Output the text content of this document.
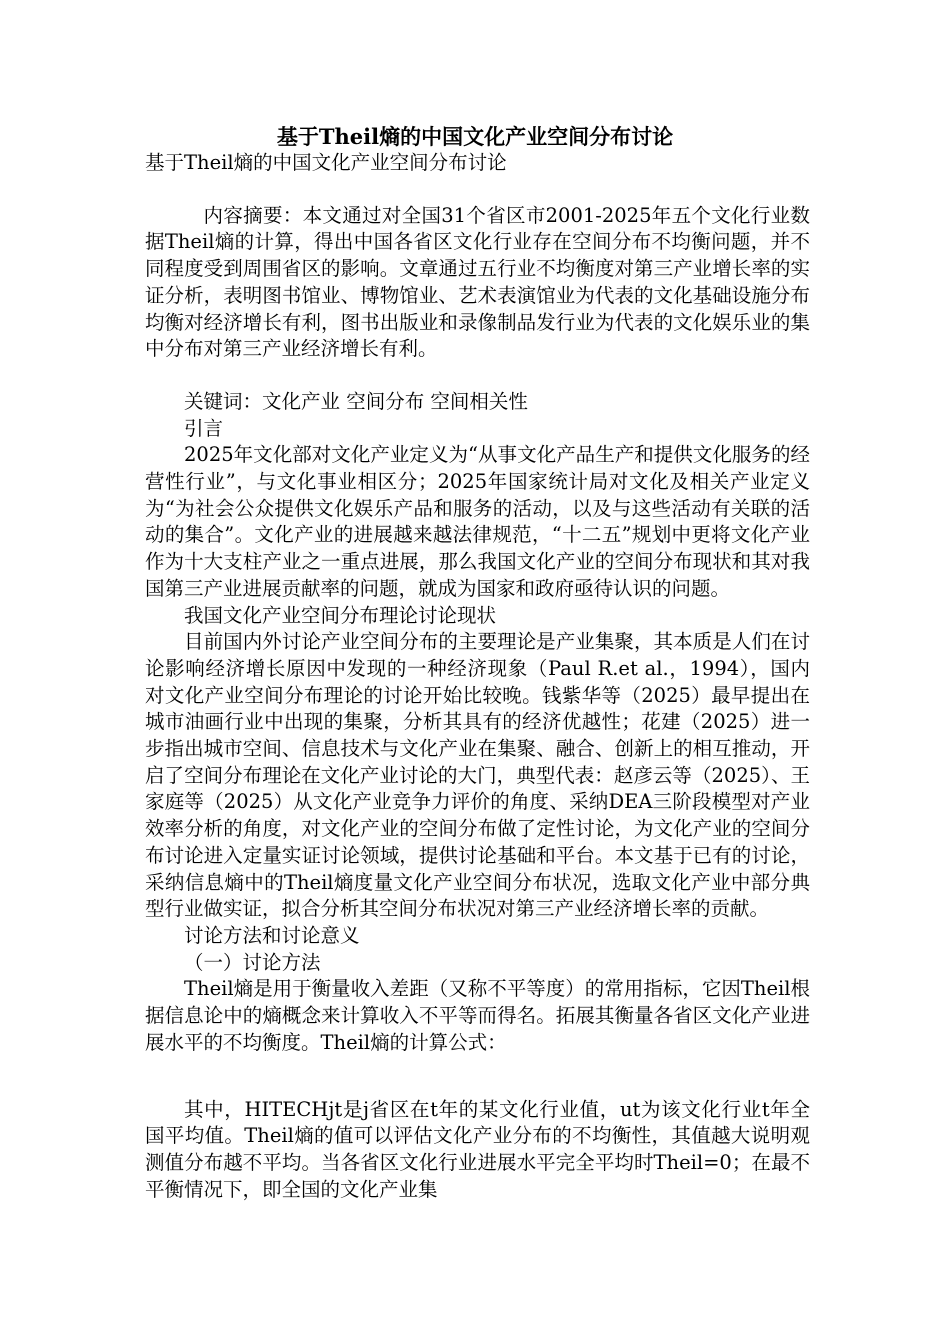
基于Theil熵的中国文化产业空间分布讨论

基于Theil熵的中国文化产业空间分布讨论

内容摘要：本文通过对全国31个省区市2001-2025年五个文化行业数据Theil熵的计算，得出中国各省区文化行业存在空间分布不均衡问题，并不同程度受到周围省区的影响。文章通过五行业不均衡度对第三产业增长率的实证分析，表明图书馆业、博物馆业、艺术表演馆业为代表的文化基础设施分布均衡对经济增长有利，图书出版业和录像制品发行业为代表的文化娱乐业的集中分布对第三产业经济增长有利。

关键词：文化产业 空间分布 空间相关性

引言

2025年文化部对文化产业定义为“从事文化产品生产和提供文化服务的经营性行业”，与文化事业相区分；2025年国家统计局对文化及相关产业定义为“为社会公众提供文化娱乐产品和服务的活动，以及与这些活动有关联的活动的集合”。文化产业的进展越来越法律规范，“十二五”规划中更将文化产业作为十大支柱产业之一重点进展，那么我国文化产业的空间分布现状和其对我国第三产业进展贡献率的问题，就成为国家和政府亟待认识的问题。

我国文化产业空间分布理论讨论现状

目前国内外讨论产业空间分布的主要理论是产业集聚，其本质是人们在讨论影响经济增长原因中发现的一种经济现象（Paul R.et al.，1994），国内对文化产业空间分布理论的讨论开始比较晚。钱紫华等（2025）最早提出在城市油画行业中出现的集聚，分析其具有的经济优越性；花建（2025）进一步指出城市空间、信息技术与文化产业在集聚、融合、创新上的相互推动，开启了空间分布理论在文化产业讨论的大门，典型代表：赵彦云等（2025）、王家庭等（2025）从文化产业竞争力评价的角度、采纳DEA三阶段模型对产业效率分析的角度，对文化产业的空间分布做了定性讨论，为文化产业的空间分布讨论进入定量实证讨论领域，提供讨论基础和平台。本文基于已有的讨论，采纳信息熵中的Theil熵度量文化产业空间分布状况，选取文化产业中部分典型行业做实证，拟合分析其空间分布状况对第三产业经济增长率的贡献。

讨论方法和讨论意义

（一）讨论方法

Theil熵是用于衡量收入差距（又称不平等度）的常用指标，它因Theil根据信息论中的熵概念来计算收入不平等而得名。拓展其衡量各省区文化产业进展水平的不均衡度。Theil熵的计算公式：

其中，HITECHjt是j省区在t年的某文化行业值，ut为该文化行业t年全国平均值。Theil熵的值可以评估文化产业分布的不均衡性，其值越大说明观测值分布越不平均。当各省区文化行业进展水平完全平均时Theil=0；在最不平衡情况下，即全国的文化产业集
